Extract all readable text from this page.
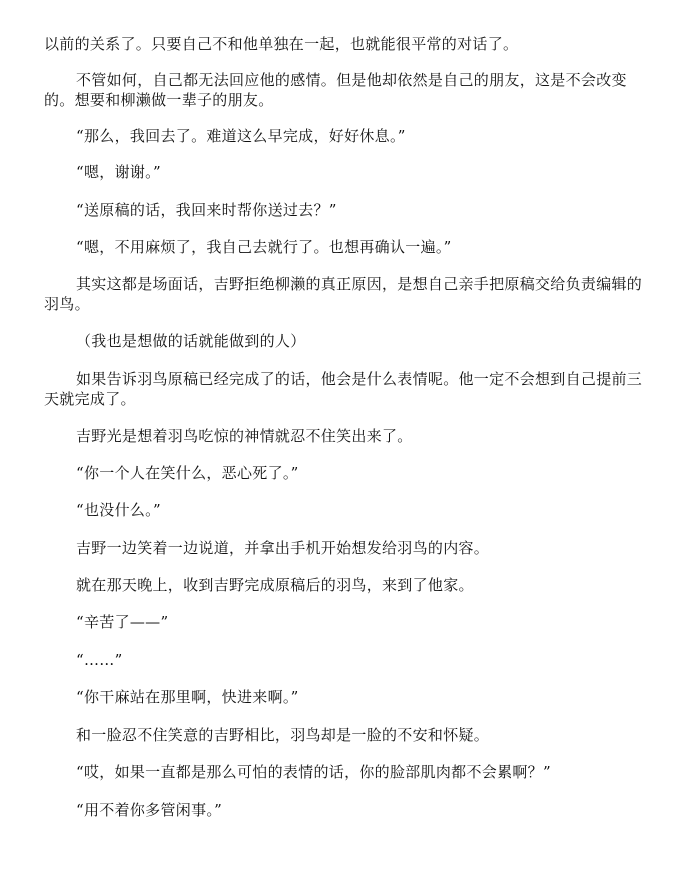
以前的关系了。只要自己不和他单独在一起，也就能很平常的对话了。

不管如何，自己都无法回应他的感情。但是他却依然是自己的朋友，这是不会改变的。想要和柳濑做一辈子的朋友。

“那么，我回去了。难道这么早完成，好好休息。”

“嗯，谢谢。”

“送原稿的话，我回来时帮你送过去？”

“嗯，不用麻烦了，我自己去就行了。也想再确认一遍。”

其实这都是场面话，吉野拒绝柳濑的真正原因，是想自己亲手把原稿交给负责编辑的羽鸟。

（我也是想做的话就能做到的人）

如果告诉羽鸟原稿已经完成了的话，他会是什么表情呢。他一定不会想到自己提前三天就完成了。

吉野光是想着羽鸟吃惊的神情就忍不住笑出来了。

“你一个人在笑什么，恶心死了。”

“也没什么。”

吉野一边笑着一边说道，并拿出手机开始想发给羽鸟的内容。

就在那天晚上，收到吉野完成原稿后的羽鸟，来到了他家。

“辛苦了——”

“……”

“你干麻站在那里啊，快进来啊。”

和一脸忍不住笑意的吉野相比，羽鸟却是一脸的不安和怀疑。

“哎，如果一直都是那么可怕的表情的话，你的脸部肌肉都不会累啊？”

“用不着你多管闲事。”
